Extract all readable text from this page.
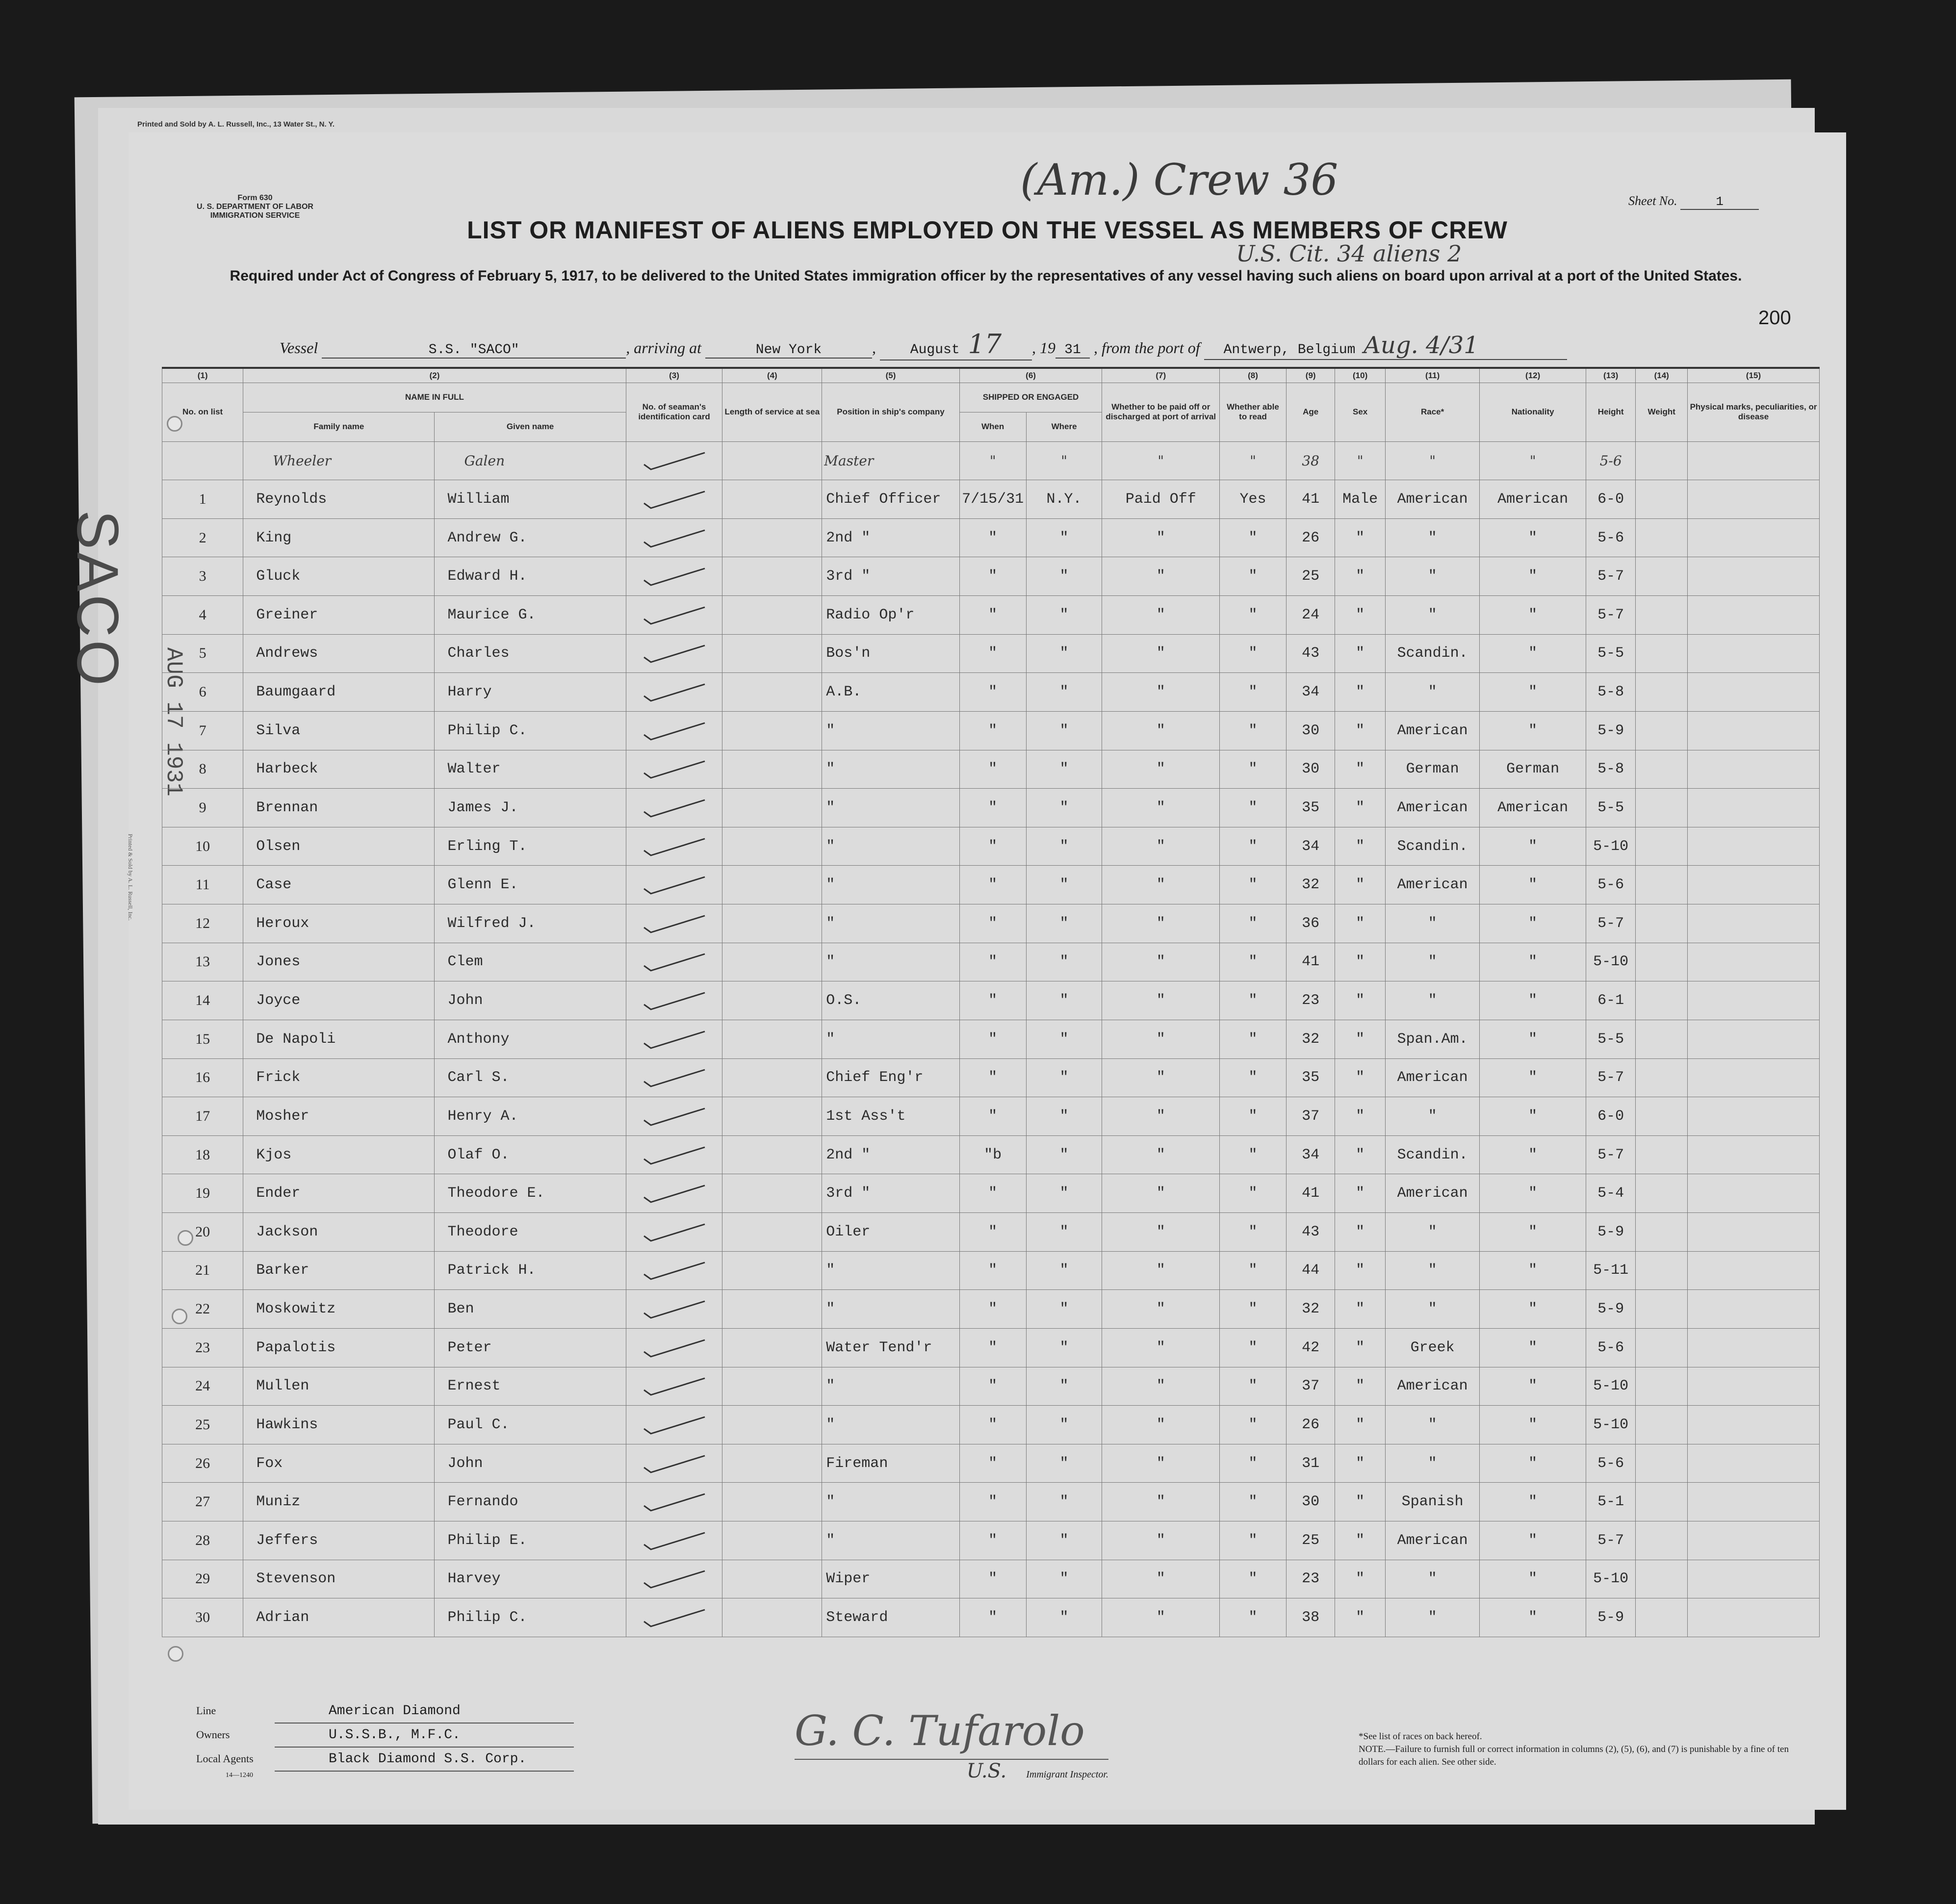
Printed and Sold by A. L. Russell, Inc., 13 Water St., N. Y.
Form 630
U. S. DEPARTMENT OF LABOR
IMMIGRATION SERVICE
(Am.) Crew 36
U.S. Cit. 34 aliens 2
Sheet No.	1
200
LIST OR MANIFEST OF ALIENS EMPLOYED ON THE VESSEL AS MEMBERS OF CREW
Required under Act of Congress of February 5, 1917, to be delivered to the United States immigration officer by the representatives of any vessel having such aliens on board upon arrival at a port of the United States.
Vessel	S.S. "SACO"	, arriving at	New York	, August 17 , 19 31 , from the port of Antwerp, Belgium Aug. 4/31
SACO
AUG 17 1931
Printed & Sold by A. L. Russell, Inc.
(1)	(2)		(3)	(4)	(5)	(6)		(7)	(8)	(9)	(10)	(11)	(12)	(13)	(14)	(15)
No. on list	NAME IN FULL		No. of seaman's identification card	Length of service at sea	Position in ship's company	SHIPPED OR ENGAGED		Whether to be paid off or discharged at port of arrival	Whether able to read	Age	Sex	Race*	Nationality	Height	Weight	Physical marks, peculiarities, or disease
	Family name	Given name				When	Where									
	Wheeler	Galen			Master	"	"	"	"	38	"	"	"	5-6		
1	Reynolds	William			Chief Officer	7/15/31	N.Y.	Paid Off	Yes	41	Male	American	American	6-0		
2	King	Andrew G.			2nd "	"	"	"	"	26	"	"	"	5-6		
3	Gluck	Edward H.			3rd "	"	"	"	"	25	"	"	"	5-7		
4	Greiner	Maurice G.			Radio Op'r	"	"	"	"	24	"	"	"	5-7		
5	Andrews	Charles			Bos'n	"	"	"	"	43	"	Scandin.	"	5-5		
6	Baumgaard	Harry			A.B.	"	"	"	"	34	"	"	"	5-8		
7	Silva	Philip C.			"	"	"	"	"	30	"	American	"	5-9		
8	Harbeck	Walter			"	"	"	"	"	30	"	German	German	5-8		
9	Brennan	James J.			"	"	"	"	"	35	"	American	American	5-5		
10	Olsen	Erling T.			"	"	"	"	"	34	"	Scandin.	"	5-10		
11	Case	Glenn E.			"	"	"	"	"	32	"	American	"	5-6		
12	Heroux	Wilfred J.			"	"	"	"	"	36	"	"	"	5-7		
13	Jones	Clem			"	"	"	"	"	41	"	"	"	5-10		
14	Joyce	John			O.S.	"	"	"	"	23	"	"	"	6-1		
15	De Napoli	Anthony			"	"	"	"	"	32	"	Span.Am.	"	5-5		
16	Frick	Carl S.			Chief Eng'r	"	"	"	"	35	"	American	"	5-7		
17	Mosher	Henry A.			1st Ass't	"	"	"	"	37	"	"	"	6-0		
18	Kjos	Olaf O.			2nd "	"b	"	"	"	34	"	Scandin.	"	5-7		
19	Ender	Theodore E.			3rd "	"	"	"	"	41	"	American	"	5-4		
20	Jackson	Theodore			Oiler	"	"	"	"	43	"	"	"	5-9		
21	Barker	Patrick H.			"	"	"	"	"	44	"	"	"	5-11		
22	Moskowitz	Ben			"	"	"	"	"	32	"	"	"	5-9		
23	Papalotis	Peter			Water Tend'r	"	"	"	"	42	"	Greek	"	5-6		
24	Mullen	Ernest			"	"	"	"	"	37	"	American	"	5-10		
25	Hawkins	Paul C.			"	"	"	"	"	26	"	"	"	5-10		
26	Fox	John			Fireman	"	"	"	"	31	"	"	"	5-6		
27	Muniz	Fernando			"	"	"	"	"	30	"	Spanish	"	5-1		
28	Jeffers	Philip E.			"	"	"	"	"	25	"	American	"	5-7		
29	Stevenson	Harvey			Wiper	"	"	"	"	23	"	"	"	5-10		
30	Adrian	Philip C.			Steward	"	"	"	"	38	"	"	"	5-9		
Line	American Diamond
Owners	U.S.S.B., M.F.C.
Local Agents	Black Diamond S.S. Corp.
14—1240
G. C. Tufarolo
U.S. Immigrant Inspector.
*See list of races on back hereof.
NOTE.—Failure to furnish full or correct information in columns (2), (5), (6), and (7) is punishable by a fine of ten dollars for each alien. See other side.
